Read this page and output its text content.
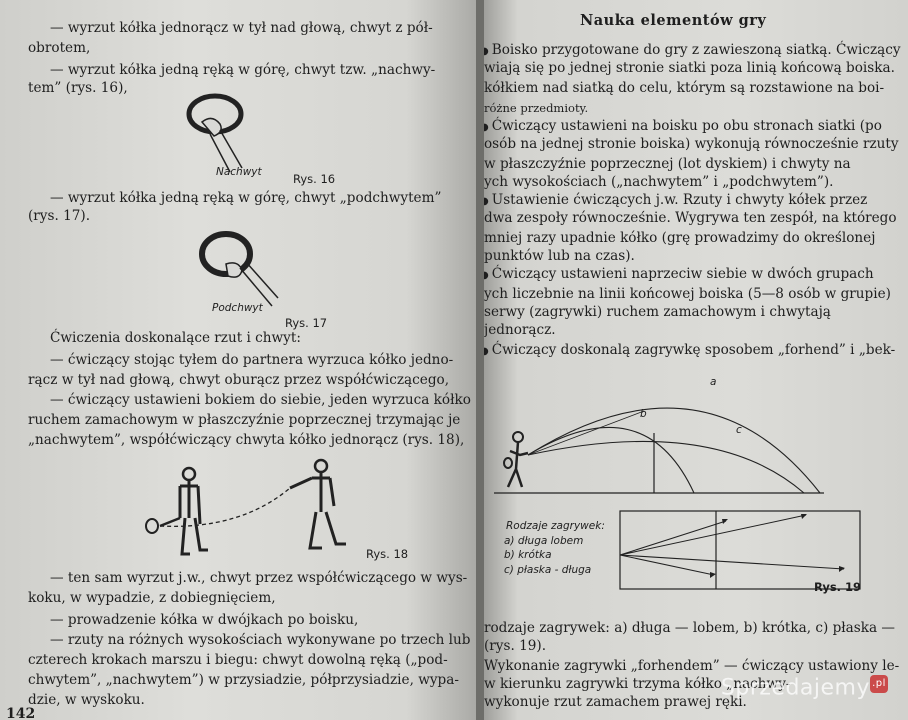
— wyrzut kółka jednorącz w tył nad głową, chwyt z pół-
obrotem,
— wyrzut kółka jedną ręką w górę, chwyt tzw. „nachwy-
tem” (rys. 16),
Nachwyt	Rys. 16
— wyrzut kółka jedną ręką w górę, chwyt „podchwytem”
(rys. 17).
Podchwyt
Rys. 17
Ćwiczenia doskonalące rzut i chwyt:
— ćwiczący stojąc tyłem do partnera wyrzuca kółko jedno-
rącz w tył nad głową, chwyt oburącz przez współćwiczącego,
— ćwiczący ustawieni bokiem do siebie, jeden wyrzuca kółko
ruchem zamachowym w płaszczyźnie poprzecznej trzymając je
„nachwytem”, współćwiczący chwyta kółko jednorącz (rys. 18),
Rys. 18
— ten sam wyrzut j.w., chwyt przez współćwiczącego w wys-
koku, w wypadzie, z dobiegnięciem,
— prowadzenie kółka w dwójkach po boisku,
— rzuty na różnych wysokościach wykonywane po trzech lub
czterech krokach marszu i biegu: chwyt dowolną ręką („pod-
chwytem”, „nachwytem”) w przysiadzie, półprzysiadzie, wypa-
dzie, w wyskoku.
142
Nauka elementów gry
● Boisko przygotowane do gry z zawieszoną siatką. Ćwiczący
wiają się po jednej stronie siatki poza linią końcową boiska.
kółkiem nad siatką do celu, którym są rozstawione na boi-
różne przedmioty.
● Ćwiczący ustawieni na boisku po obu stronach siatki (po
osób na jednej stronie boiska) wykonują równocześnie rzuty
w płaszczyźnie poprzecznej (lot dyskiem) i chwyty na
ych wysokościach („nachwytem” i „podchwytem”).
● Ustawienie ćwiczących j.w. Rzuty i chwyty kółek przez
dwa zespoły równocześnie. Wygrywa ten zespół, na którego
mniej razy upadnie kółko (grę prowadzimy do określonej
punktów lub na czas).
● Ćwiczący ustawieni naprzeciw siebie w dwóch grupach
ych liczebnie na linii końcowej boiska (5—8 osób w grupie)
serwy (zagrywki) ruchem zamachowym i chwytają
jednorącz.
● Ćwiczący doskonalą zagrywkę sposobem „forhend” i „bek-
a
b
c
Rodzaje zagrywek:
a) długa lobem
b) krótka
c) płaska - długa
Rys. 19
rodzaje zagrywek: a) długa — lobem, b) krótka, c) płaska —
(rys. 19).
Wykonanie zagrywki „forhendem” — ćwiczący ustawiony le-
w kierunku zagrywki trzyma kółko „nachwy-
wykonuje rzut zamachem prawej ręki.
Sprzedajemy .pl
